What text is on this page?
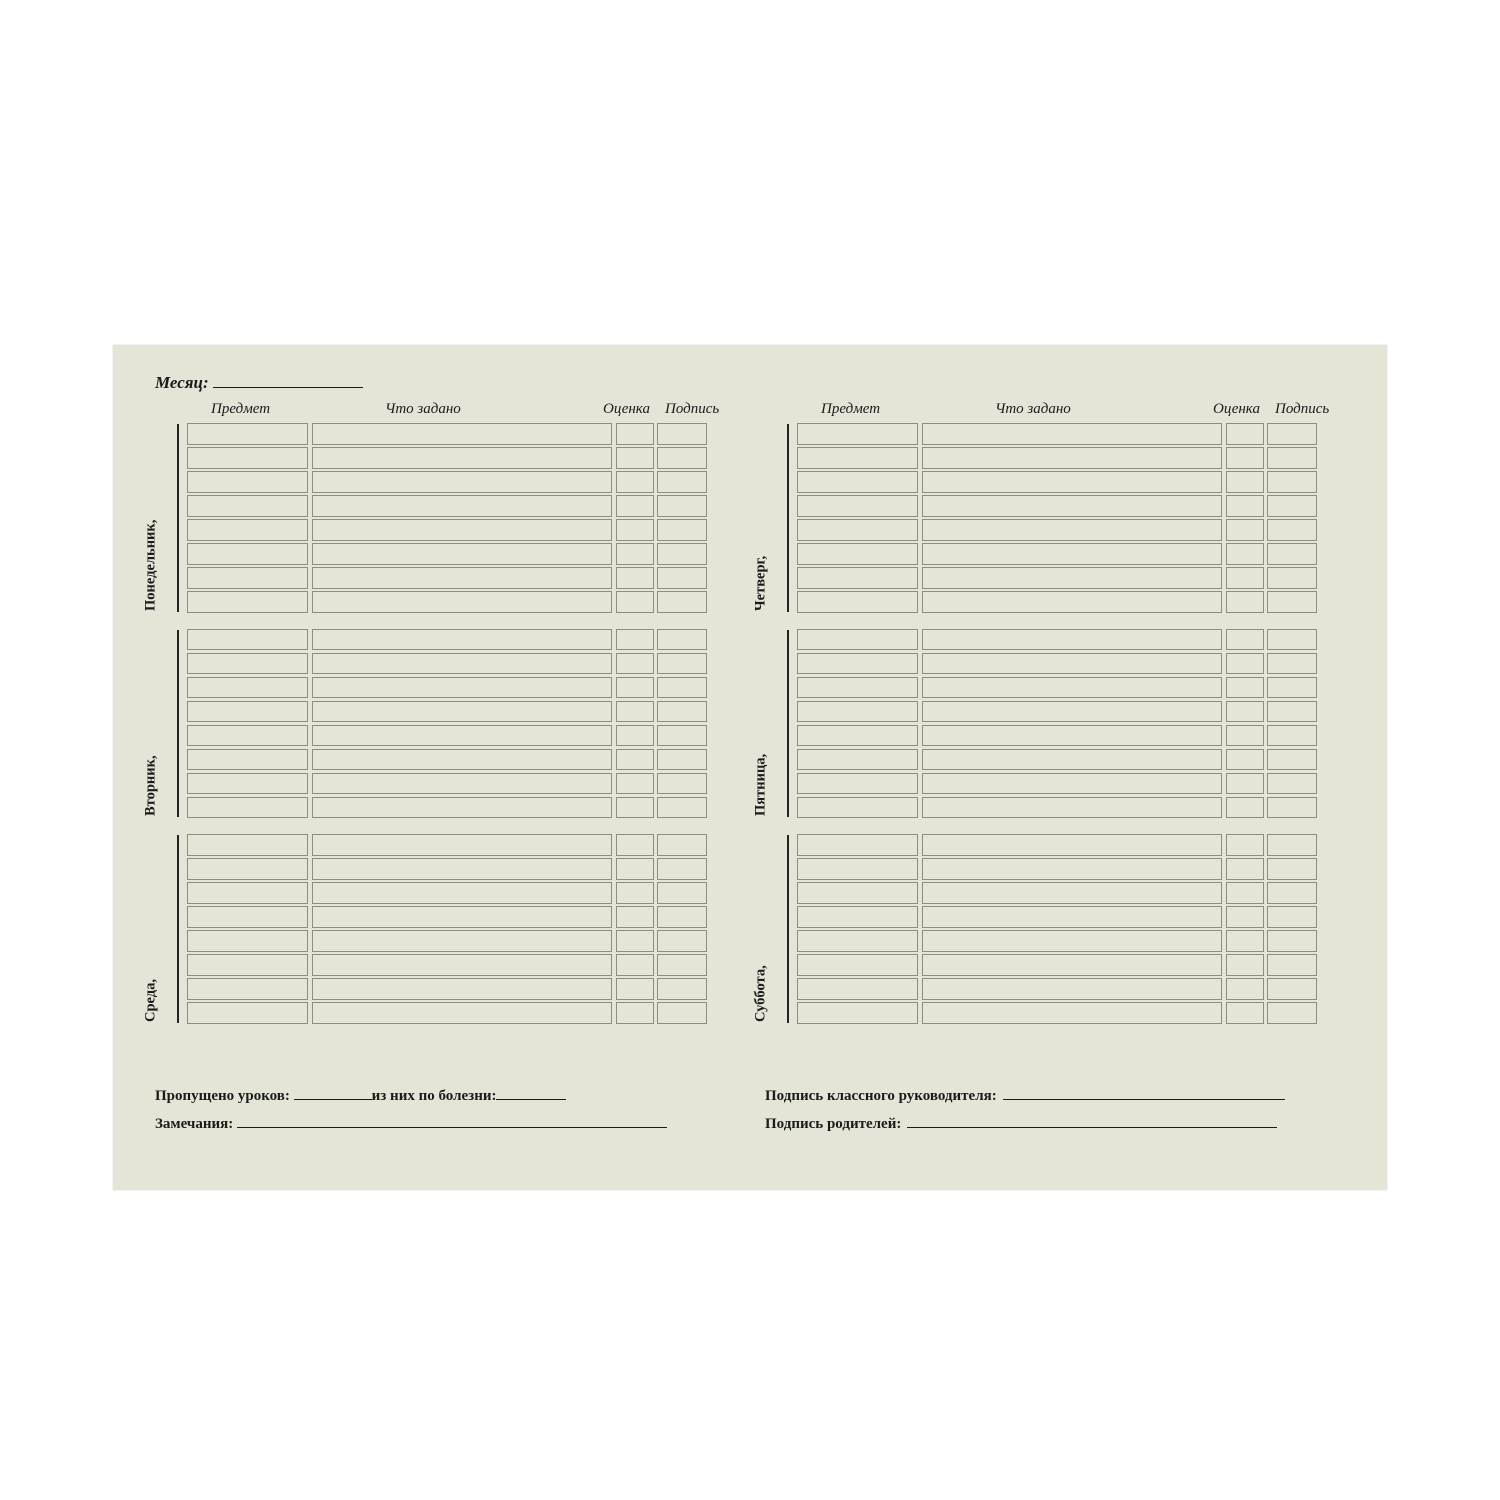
Месяц:
Предмет	Что задано	Оценка Подпись
Понедельник,
Вторник,
Среда,
Предмет	Что задано	Оценка Подпись
Четверг,
Пятница,
Суббота,
Пропущено уроков:	из них по болезни:
Замечания:
Подпись классного руководителя:
Подпись родителей:
